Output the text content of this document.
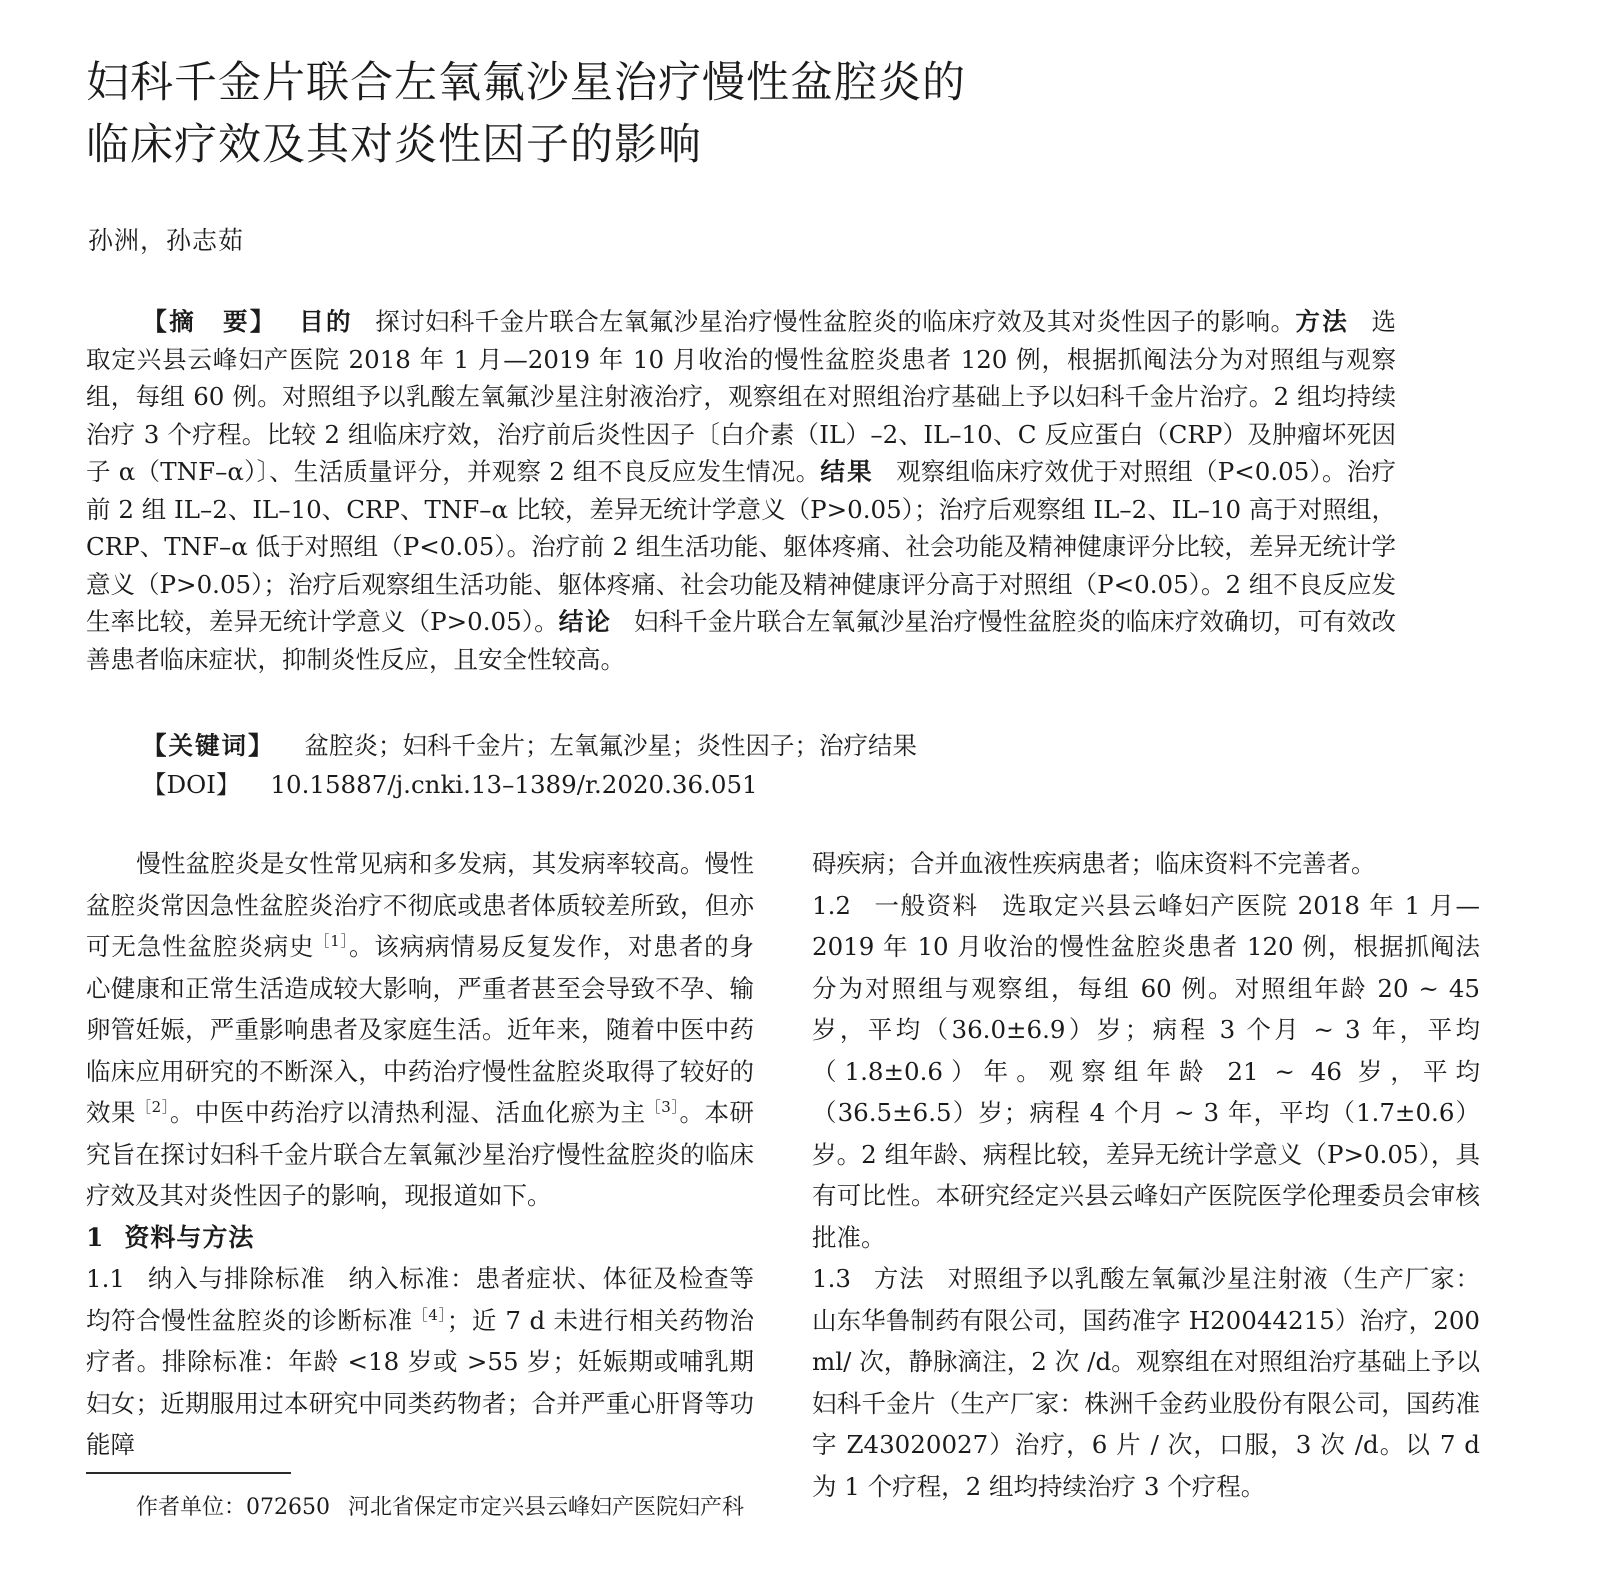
妇科千金片联合左氧氟沙星治疗慢性盆腔炎的
临床疗效及其对炎性因子的影响
孙洲，孙志茹

【摘　要】 目的 探讨妇科千金片联合左氧氟沙星治疗慢性盆腔炎的临床疗效及其对炎性因子的影响。方法 选取定兴县云峰妇产医院 2018 年 1 月—2019 年 10 月收治的慢性盆腔炎患者 120 例，根据抓阄法分为对照组与观察组，每组 60 例。对照组予以乳酸左氧氟沙星注射液治疗，观察组在对照组治疗基础上予以妇科千金片治疗。2 组均持续治疗 3 个疗程。比较 2 组临床疗效，治疗前后炎性因子〔白介素（IL）–2、IL–10、C 反应蛋白（CRP）及肿瘤坏死因子 α（TNF–α）〕、生活质量评分，并观察 2 组不良反应发生情况。结果 观察组临床疗效优于对照组（P<0.05）。治疗前 2 组 IL–2、IL–10、CRP、TNF–α 比较，差异无统计学意义（P>0.05）；治疗后观察组 IL–2、IL–10 高于对照组，CRP、TNF–α 低于对照组（P<0.05）。治疗前 2 组生活功能、躯体疼痛、社会功能及精神健康评分比较，差异无统计学意义（P>0.05）；治疗后观察组生活功能、躯体疼痛、社会功能及精神健康评分高于对照组（P<0.05）。2 组不良反应发生率比较，差异无统计学意义（P>0.05）。结论 妇科千金片联合左氧氟沙星治疗慢性盆腔炎的临床疗效确切，可有效改善患者临床症状，抑制炎性反应，且安全性较高。

【关键词】 盆腔炎；妇科千金片；左氧氟沙星；炎性因子；治疗结果
【DOI】 10.15887/j.cnki.13–1389/r.2020.36.051

慢性盆腔炎是女性常见病和多发病，其发病率较高。慢性盆腔炎常因急性盆腔炎治疗不彻底或患者体质较差所致，但亦可无急性盆腔炎病史$^{[1]}$。该病病情易反复发作，对患者的身心健康和正常生活造成较大影响，严重者甚至会导致不孕、输卵管妊娠，严重影响患者及家庭生活。近年来，随着中医中药临床应用研究的不断深入，中药治疗慢性盆腔炎取得了较好的效果$^{[2]}$。中医中药治疗以清热利湿、活血化瘀为主$^{[3]}$。本研究旨在探讨妇科千金片联合左氧氟沙星治疗慢性盆腔炎的临床疗效及其对炎性因子的影响，现报道如下。

1 资料与方法

1.1 纳入与排除标准 纳入标准：患者症状、体征及检查等均符合慢性盆腔炎的诊断标准$^{[4]}$；近 7 d 未进行相关药物治疗者。排除标准：年龄 <18 岁或 >55 岁；妊娠期或哺乳期妇女；近期服用过本研究中同类药物者；合并严重心肝肾等功能障

碍疾病；合并血液性疾病患者；临床资料不完善者。

1.2 一般资料 选取定兴县云峰妇产医院 2018 年 1 月—2019 年 10 月收治的慢性盆腔炎患者 120 例，根据抓阄法分为对照组与观察组，每组 60 例。对照组年龄 20 ~ 45 岁，平均（36.0±6.9）岁；病程 3 个月 ~ 3 年，平均（1.8±0.6）年。观察组年龄 21 ~ 46 岁，平均（36.5±6.5）岁；病程 4 个月 ~ 3 年，平均（1.7±0.6）岁。2 组年龄、病程比较，差异无统计学意义（P>0.05），具有可比性。本研究经定兴县云峰妇产医院医学伦理委员会审核批准。

1.3 方法 对照组予以乳酸左氧氟沙星注射液（生产厂家：山东华鲁制药有限公司，国药准字 H20044215）治疗，200 ml/ 次，静脉滴注，2 次 /d。观察组在对照组治疗基础上予以妇科千金片（生产厂家：株洲千金药业股份有限公司，国药准字 Z43020027）治疗，6 片 / 次，口服，3 次 /d。以 7 d 为 1 个疗程，2 组均持续治疗 3 个疗程。

作者单位：072650 河北省保定市定兴县云峰妇产医院妇产科
